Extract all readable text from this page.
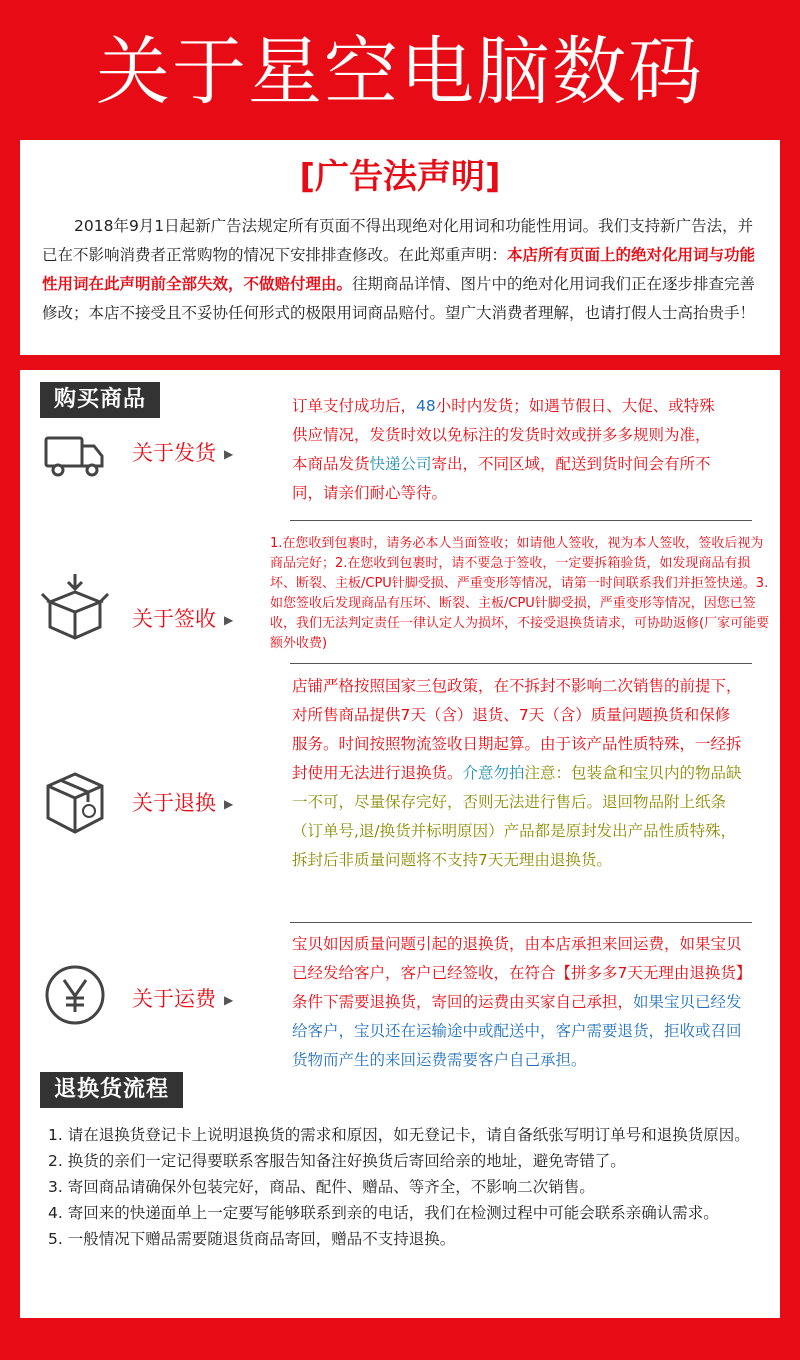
关于星空电脑数码
[广告法声明]
2018年9月1日起新广告法规定所有页面不得出现绝对化用词和功能性用词。我们支持新广告法，并已在不影响消费者正常购物的情况下安排排查修改。在此郑重声明：本店所有页面上的绝对化用词与功能性用词在此声明前全部失效，不做赔付理由。往期商品详情、图片中的绝对化用词我们正在逐步排查完善修改；本店不接受且不妥协任何形式的极限用词商品赔付。望广大消费者理解，也请打假人士高抬贵手！
购买商品
关于发货 ▶
订单支付成功后，48小时内发货；如遇节假日、大促、或特殊供应情况，发货时效以免标注的发货时效或拼多多规则为准，本商品发货快递公司寄出，不同区域，配送到货时间会有所不同，请亲们耐心等待。
关于签收 ▶
1.在您收到包裹时，请务必本人当面签收；如请他人签收，视为本人签收，签收后视为商品完好；2.在您收到包裹时，请不要急于签收，一定要拆箱验货，如发现商品有损坏、断裂、主板/CPU针脚受损、严重变形等情况，请第一时间联系我们并拒签快递。3.如您签收后发现商品有压坏、断裂、主板/CPU针脚受损，严重变形等情况，因您已签收，我们无法判定责任一律认定人为损坏，不接受退换货请求，可协助返修(厂家可能要额外收费)
关于退换 ▶
店铺严格按照国家三包政策，在不拆封不影响二次销售的前提下，对所售商品提供7天（含）退货、7天（含）质量问题换货和保修服务。时间按照物流签收日期起算。由于该产品性质特殊，一经拆封使用无法进行退换货。介意勿拍注意：包装盒和宝贝内的物品缺一不可，尽量保存完好，否则无法进行售后。退回物品附上纸条（订单号,退/换货并标明原因）产品都是原封发出产品性质特殊，拆封后非质量问题将不支持7天无理由退换货。
关于运费 ▶
宝贝如因质量问题引起的退换货，由本店承担来回运费，如果宝贝已经发给客户，客户已经签收，在符合【拼多多7天无理由退换货】条件下需要退换货，寄回的运费由买家自己承担，如果宝贝已经发给客户，宝贝还在运输途中或配送中，客户需要退货，拒收或召回货物而产生的来回运费需要客户自己承担。
退换货流程

1. 请在退换货登记卡上说明退换货的需求和原因，如无登记卡，请自备纸张写明订单号和退换货原因。

2. 换货的亲们一定记得要联系客服告知备注好换货后寄回给亲的地址，避免寄错了。

3. 寄回商品请确保外包装完好，商品、配件、赠品、等齐全，不影响二次销售。

4. 寄回来的快递面单上一定要写能够联系到亲的电话，我们在检测过程中可能会联系亲确认需求。

5. 一般情况下赠品需要随退货商品寄回，赠品不支持退换。
